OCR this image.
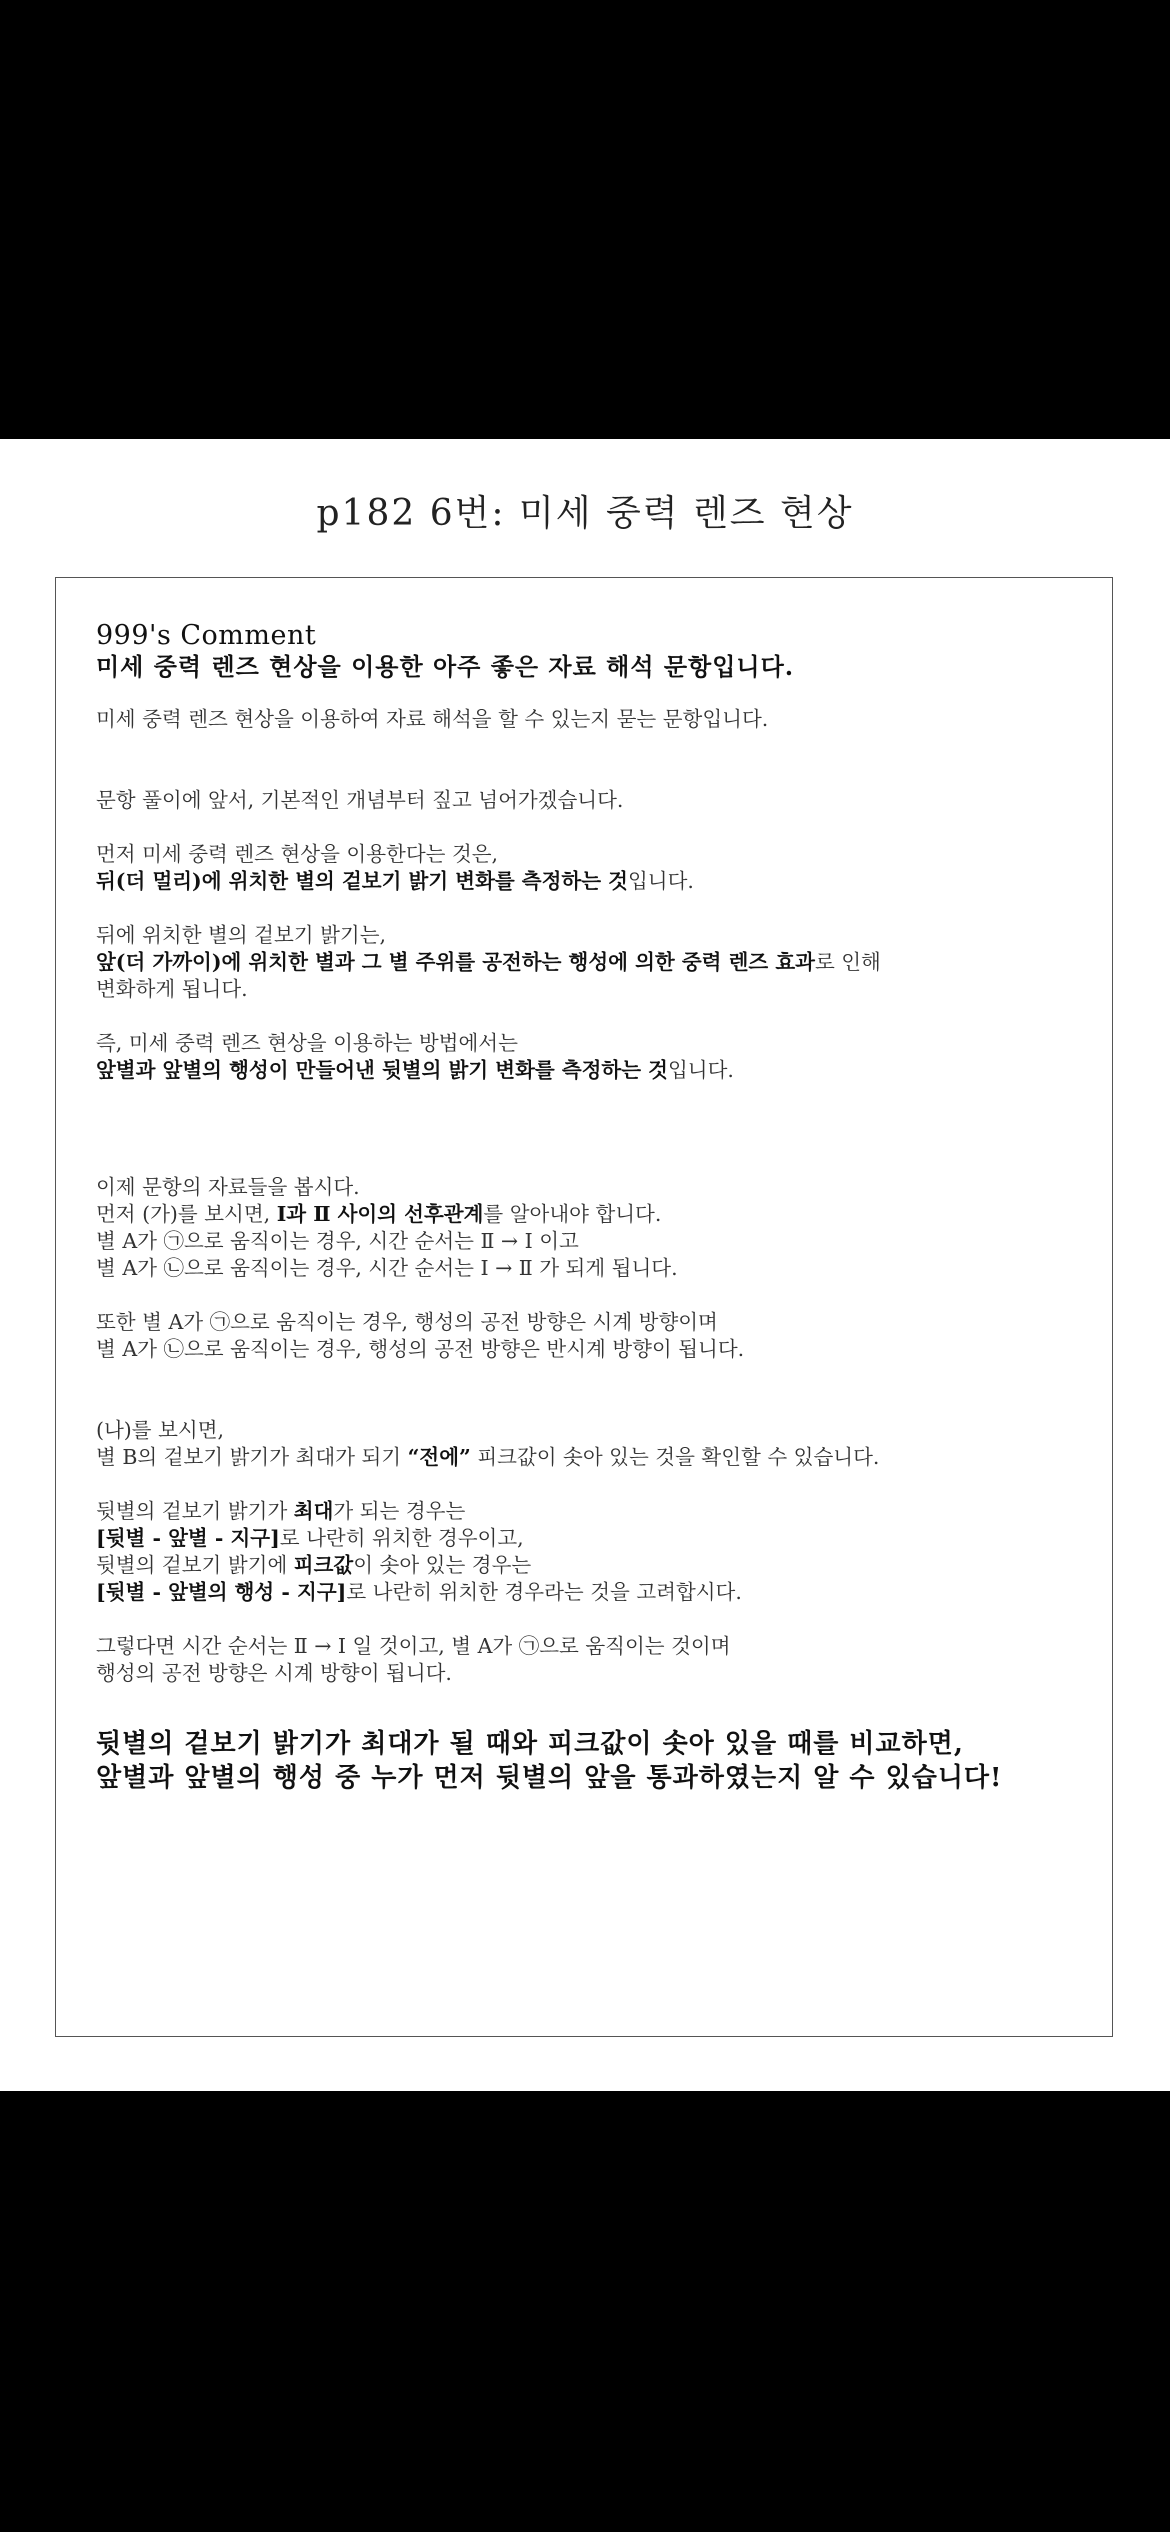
p182 6번: 미세 중력 렌즈 현상

999's Comment

미세 중력 렌즈 현상을 이용한 아주 좋은 자료 해석 문항입니다.

미세 중력 렌즈 현상을 이용하여 자료 해석을 할 수 있는지 묻는 문항입니다.

문항 풀이에 앞서, 기본적인 개념부터 짚고 넘어가겠습니다.

먼저 미세 중력 렌즈 현상을 이용한다는 것은,

뒤(더 멀리)에 위치한 별의 겉보기 밝기 변화를 측정하는 것입니다.

뒤에 위치한 별의 겉보기 밝기는,

앞(더 가까이)에 위치한 별과 그 별 주위를 공전하는 행성에 의한 중력 렌즈 효과로 인해

변화하게 됩니다.

즉, 미세 중력 렌즈 현상을 이용하는 방법에서는

앞별과 앞별의 행성이 만들어낸 뒷별의 밝기 변화를 측정하는 것입니다.

이제 문항의 자료들을 봅시다.

먼저 (가)를 보시면, Ⅰ과 Ⅱ 사이의 선후관계를 알아내야 합니다.

별 A가 ㉠으로 움직이는 경우, 시간 순서는 Ⅱ → Ⅰ 이고

별 A가 ㉡으로 움직이는 경우, 시간 순서는 Ⅰ → Ⅱ 가 되게 됩니다.

또한 별 A가 ㉠으로 움직이는 경우, 행성의 공전 방향은 시계 방향이며

별 A가 ㉡으로 움직이는 경우, 행성의 공전 방향은 반시계 방향이 됩니다.

(나)를 보시면,

별 B의 겉보기 밝기가 최대가 되기 “전에” 피크값이 솟아 있는 것을 확인할 수 있습니다.

뒷별의 겉보기 밝기가 최대가 되는 경우는

[뒷별 - 앞별 - 지구]로 나란히 위치한 경우이고,

뒷별의 겉보기 밝기에 피크값이 솟아 있는 경우는

[뒷별 - 앞별의 행성 - 지구]로 나란히 위치한 경우라는 것을 고려합시다.

그렇다면 시간 순서는 Ⅱ → Ⅰ 일 것이고, 별 A가 ㉠으로 움직이는 것이며

행성의 공전 방향은 시계 방향이 됩니다.

뒷별의 겉보기 밝기가 최대가 될 때와 피크값이 솟아 있을 때를 비교하면,

앞별과 앞별의 행성 중 누가 먼저 뒷별의 앞을 통과하였는지 알 수 있습니다!
